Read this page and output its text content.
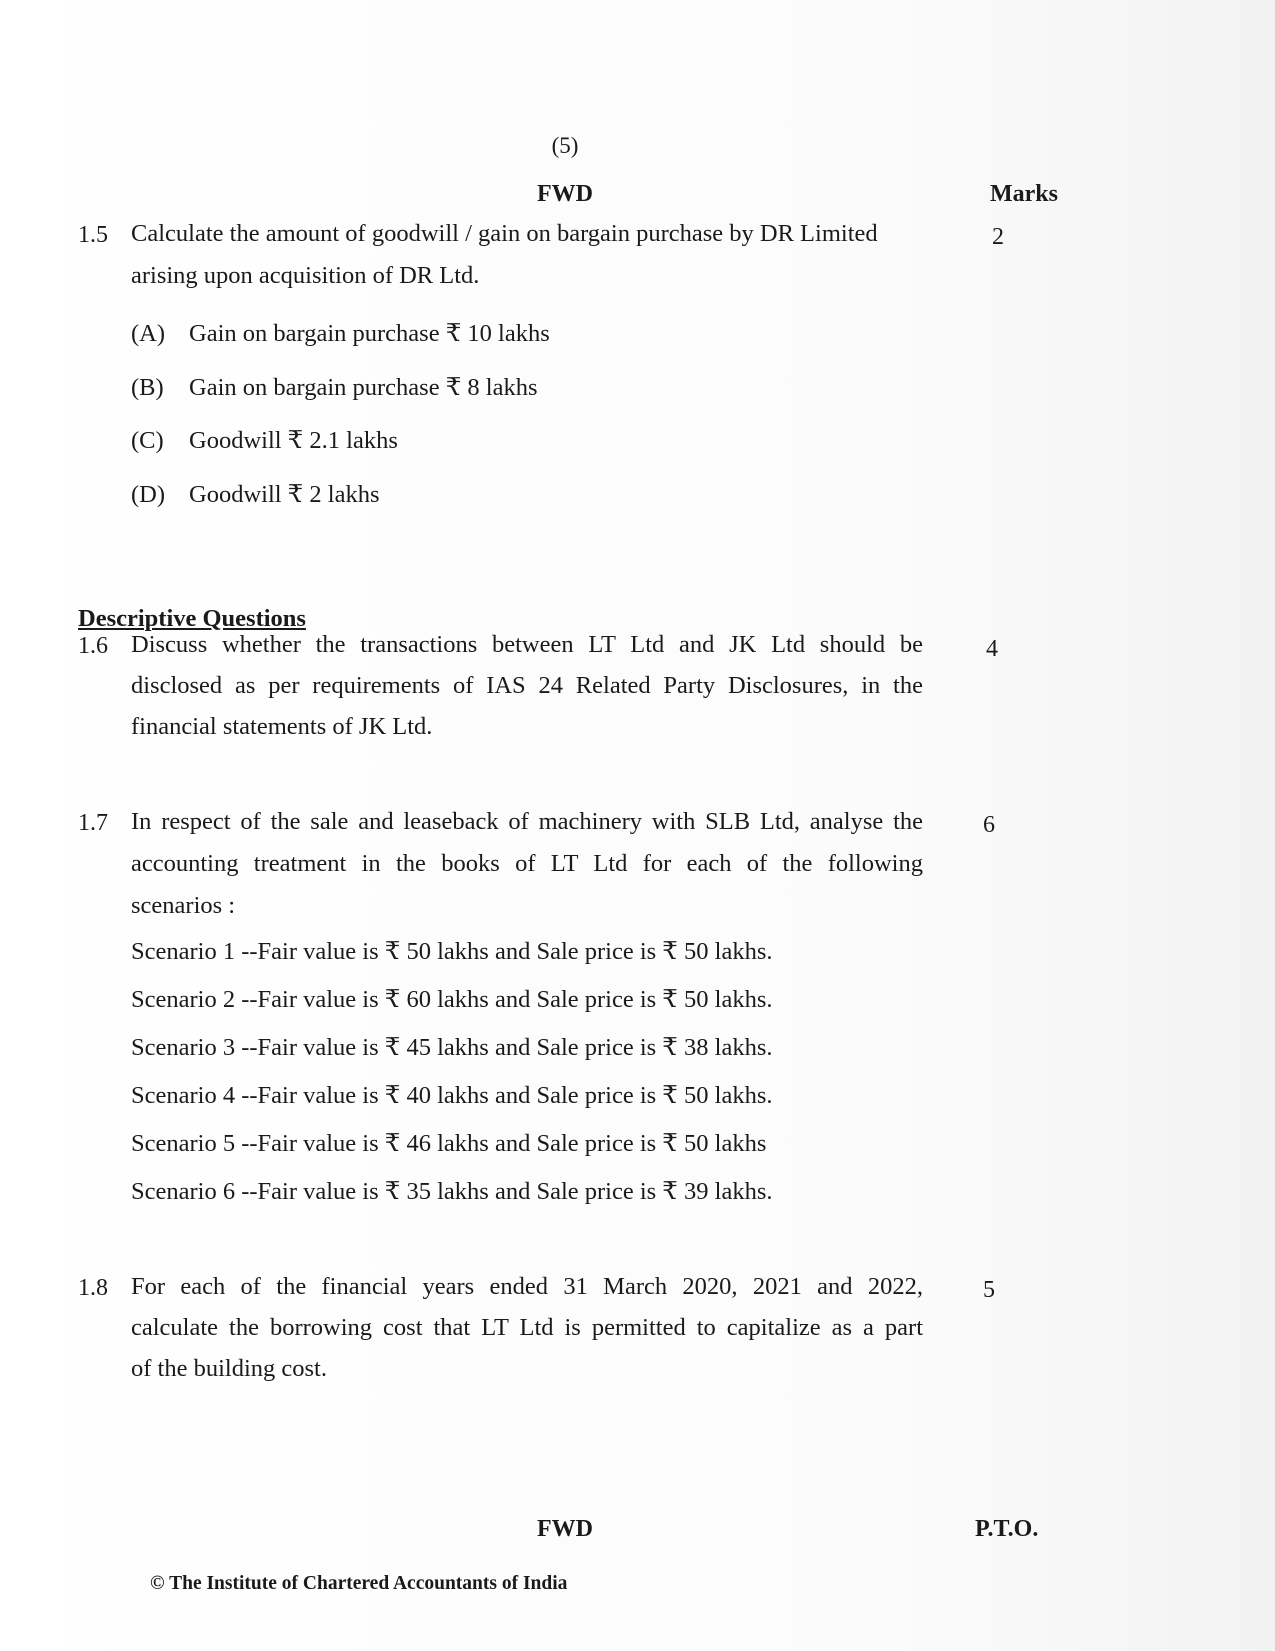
(5)
FWD	Marks
1.5 Calculate the amount of goodwill / gain on bargain purchase by DR Limited
arising upon acquisition of DR Ltd.
2
(A) Gain on bargain purchase ₹ 10 lakhs
(B) Gain on bargain purchase ₹ 8 lakhs
(C) Goodwill ₹ 2.1 lakhs
(D) Goodwill ₹ 2 lakhs
Descriptive Questions
1.6 Discuss whether the transactions between LT Ltd and JK Ltd should be
disclosed as per requirements of IAS 24 Related Party Disclosures, in the
financial statements of JK Ltd.
4
1.7 In respect of the sale and leaseback of machinery with SLB Ltd, analyse the
accounting treatment in the books of LT Ltd for each of the following
scenarios :
6
Scenario 1 --Fair value is ₹ 50 lakhs and Sale price is ₹ 50 lakhs.
Scenario 2 --Fair value is ₹ 60 lakhs and Sale price is ₹ 50 lakhs.
Scenario 3 --Fair value is ₹ 45 lakhs and Sale price is ₹ 38 lakhs.
Scenario 4 --Fair value is ₹ 40 lakhs and Sale price is ₹ 50 lakhs.
Scenario 5 --Fair value is ₹ 46 lakhs and Sale price is ₹ 50 lakhs
Scenario 6 --Fair value is ₹ 35 lakhs and Sale price is ₹ 39 lakhs.
1.8 For each of the financial years ended 31 March 2020, 2021 and 2022,
calculate the borrowing cost that LT Ltd is permitted to capitalize as a part
of the building cost.
5
FWD	P.T.O.
© The Institute of Chartered Accountants of India
